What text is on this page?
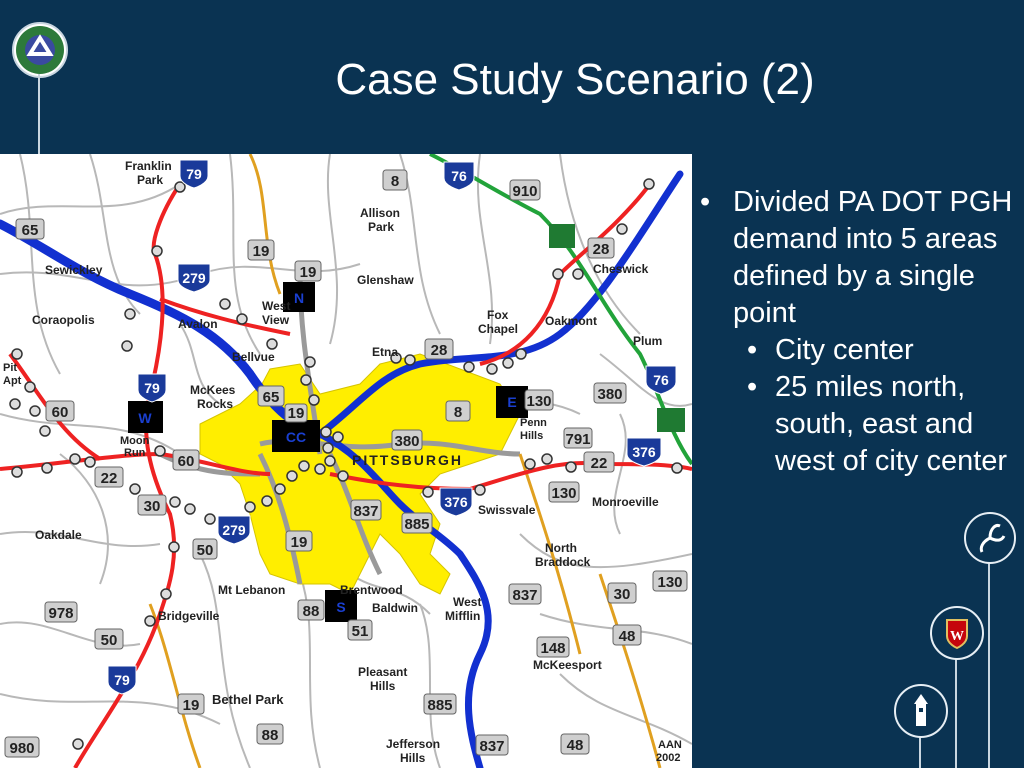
Case Study Scenario (2)
N
W
E
S
CC
PITTSBURGH
Franklin
Park
Allison
Park
Sewickley
Coraopolis	Avalon
West
View
Glenshaw
Fox
Chapel
Oakmont
Cheswick
Plum
Pit
Apt
Bellvue
McKees
Rocks
Etna
Penn
Hills
Moon
Run
Oakdale
Swissvale
Monroeville
North
Braddock
Mt Lebanon	Brentwood
Baldwin	West
Mifflin
Bridgeville
McKeesport
Pleasant
Hills
Bethel Park
Jefferson
Hills
8
910
65
19
19
28
28
65
19	8
380
130	380
60
60
22
22
791
30	837
885
130
50	19
978	88
51
837	30
130
50	148
48
19	885
88
980	837	48
79	76
279
79	76
376
376
279
79
AAN
2002
• Divided PA DOT PGH demand into 5 areas defined by a single point
• City center
• 25 miles north, south, east and west of city center
W
